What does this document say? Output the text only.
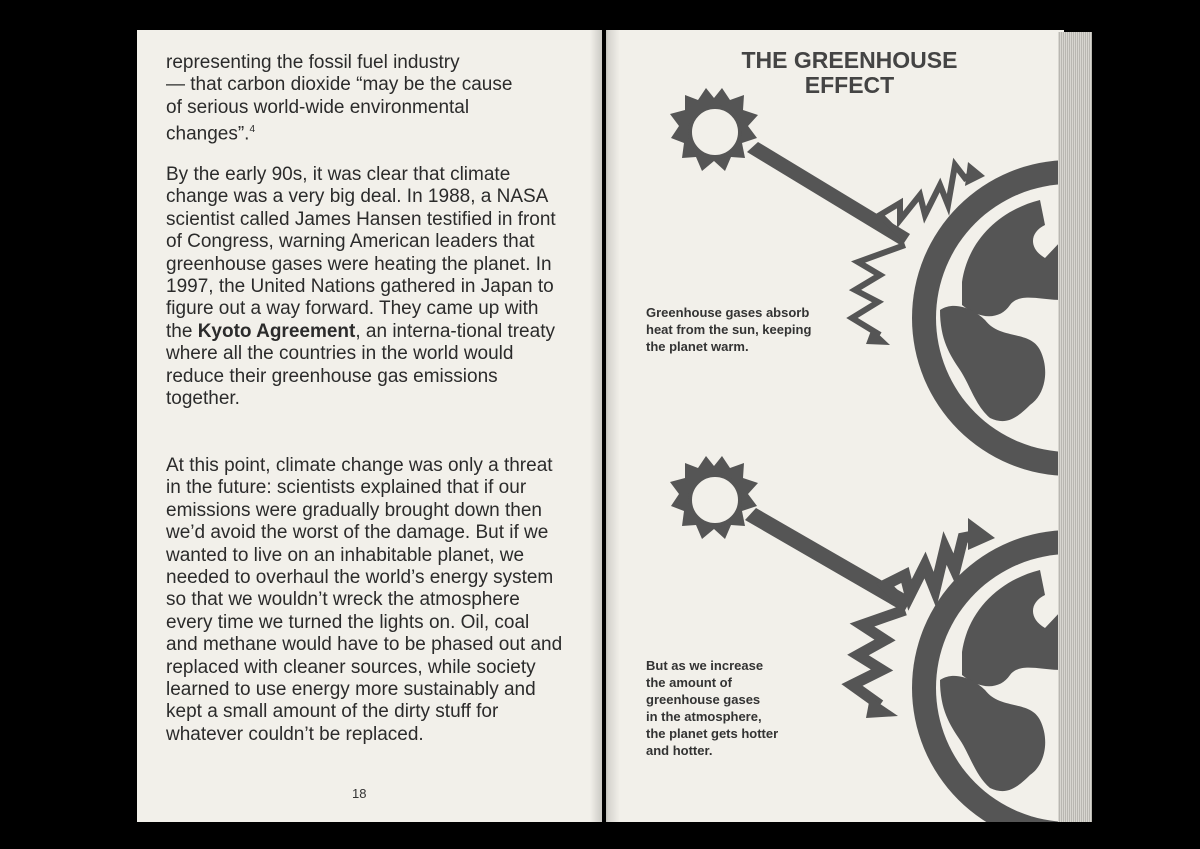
representing the fossil fuel industry
— that carbon dioxide “may be the cause
of serious world-wide environmental
changes”.$^4$

By the early 90s, it was clear that climate change was a very big deal. In 1988, a NASA scientist called James Hansen testified in front of Congress, warning American leaders that greenhouse gases were heating the planet. In 1997, the United Nations gathered in Japan to figure out a way forward. They came up with the Kyoto Agreement, an interna-tional treaty where all the countries in the world would reduce their greenhouse gas emissions together.

At this point, climate change was only a threat in the future: scientists explained that if our emissions were gradually brought down then we’d avoid the worst of the damage. But if we wanted to live on an inhabitable planet, we needed to overhaul the world’s energy system so that we wouldn’t wreck the atmosphere every time we turned the lights on. Oil, coal and methane would have to be phased out and replaced with cleaner sources, while society learned to use energy more sustainably and kept a small amount of the dirty stuff for whatever couldn’t be replaced.

18
THE GREENHOUSE
EFFECT
Greenhouse gases absorb
heat from the sun, keeping
the planet warm.
But as we increase
the amount of
greenhouse gases
in the atmosphere,
the planet gets hotter
and hotter.
